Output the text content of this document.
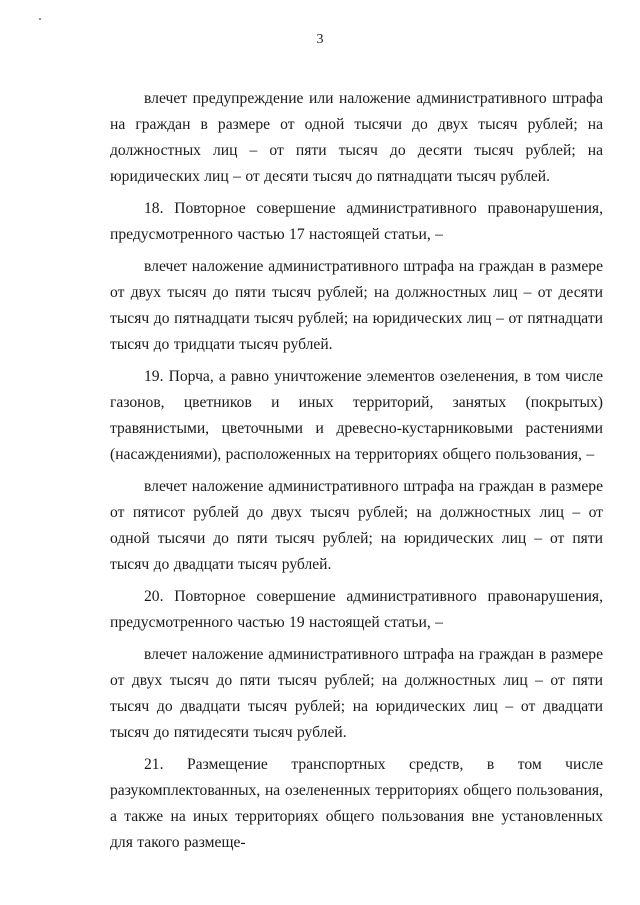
3

влечет предупреждение или наложение административного штрафа на граждан в размере от одной тысячи до двух тысяч рублей; на должностных лиц – от пяти тысяч до десяти тысяч рублей; на юридических лиц – от десяти тысяч до пятнадцати тысяч рублей.

18. Повторное совершение административного правонарушения, предусмотренного частью 17 настоящей статьи, –

влечет наложение административного штрафа на граждан в размере от двух тысяч до пяти тысяч рублей; на должностных лиц – от десяти тысяч до пятнадцати тысяч рублей; на юридических лиц – от пятнадцати тысяч до тридцати тысяч рублей.

19. Порча, а равно уничтожение элементов озеленения, в том числе газонов, цветников и иных территорий, занятых (покрытых) травянистыми, цветочными и древесно-кустарниковыми растениями (насаждениями), расположенных на территориях общего пользования, –

влечет наложение административного штрафа на граждан в размере от пятисот рублей до двух тысяч рублей; на должностных лиц – от одной тысячи до пяти тысяч рублей; на юридических лиц – от пяти тысяч до двадцати тысяч рублей.

20. Повторное совершение административного правонарушения, предусмотренного частью 19 настоящей статьи, –

влечет наложение административного штрафа на граждан в размере от двух тысяч до пяти тысяч рублей; на должностных лиц – от пяти тысяч до двадцати тысяч рублей; на юридических лиц – от двадцати тысяч до пятидесяти тысяч рублей.

21. Размещение транспортных средств, в том числе разукомплектованных, на озелененных территориях общего пользования, а также на иных территориях общего пользования вне установленных для такого размеще-
